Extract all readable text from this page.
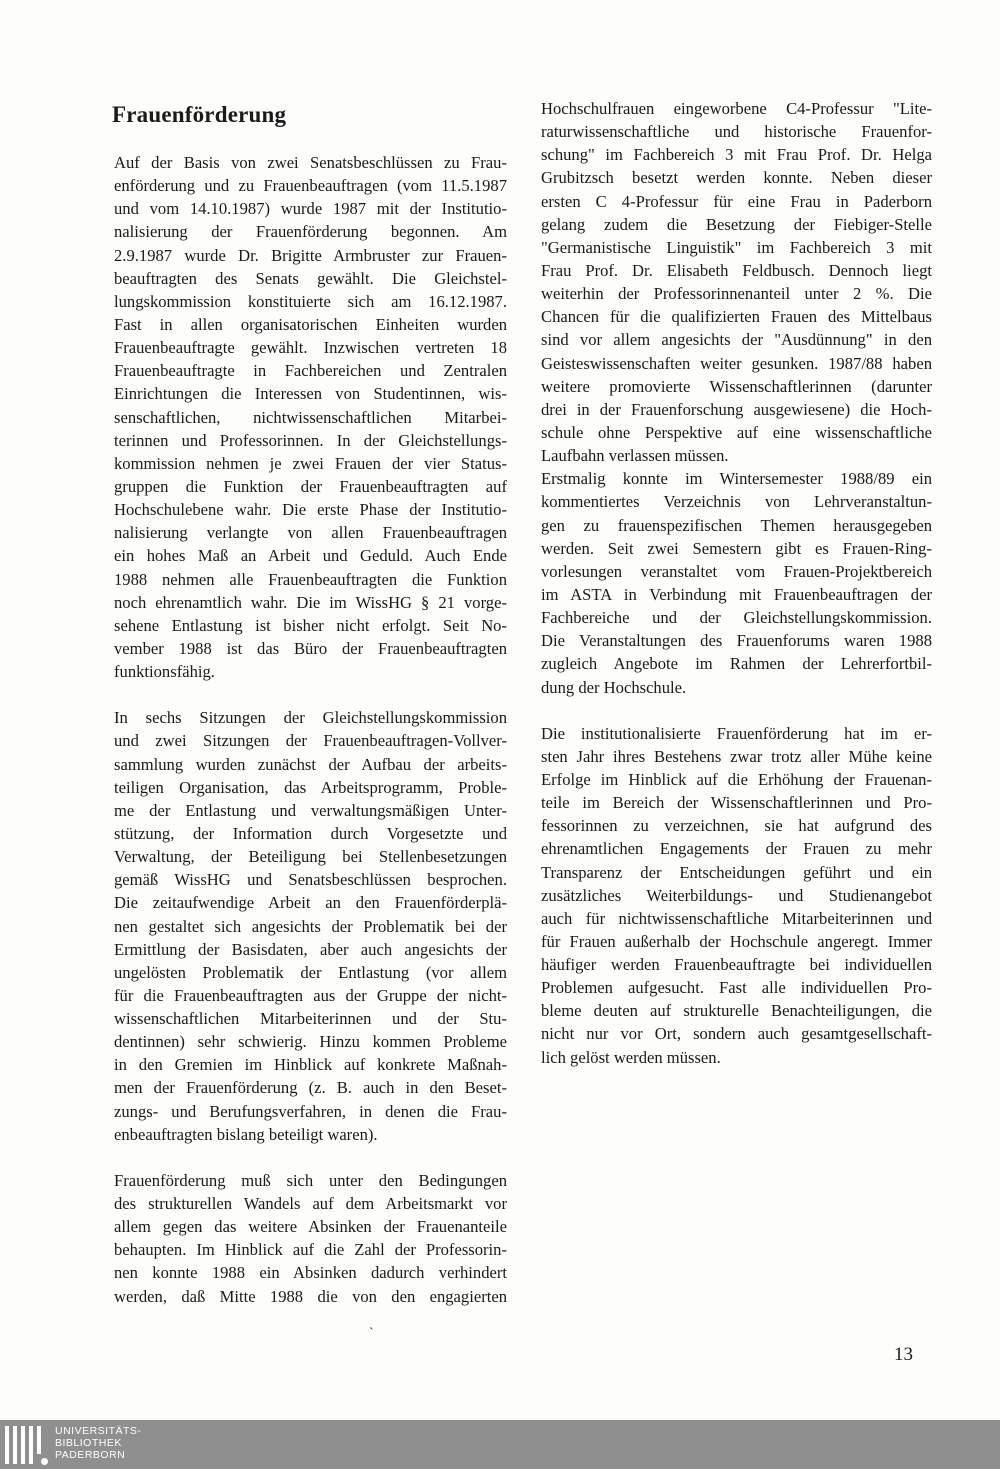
Frauenförderung
Auf der Basis von zwei Senatsbeschlüssen zu Frau-
enförderung und zu Frauenbeauftragen (vom 11.5.1987
und vom 14.10.1987) wurde 1987 mit der Institutio-
nalisierung der Frauenförderung begonnen. Am
2.9.1987 wurde Dr. Brigitte Armbruster zur Frauen-
beauftragten des Senats gewählt. Die Gleichstel-
lungskommission konstituierte sich am 16.12.1987.
Fast in allen organisatorischen Einheiten wurden
Frauenbeauftragte gewählt. Inzwischen vertreten 18
Frauenbeauftragte in Fachbereichen und Zentralen
Einrichtungen die Interessen von Studentinnen, wis-
senschaftlichen, nichtwissenschaftlichen Mitarbei-
terinnen und Professorinnen. In der Gleichstellungs-
kommission nehmen je zwei Frauen der vier Status-
gruppen die Funktion der Frauenbeauftragten auf
Hochschulebene wahr. Die erste Phase der Institutio-
nalisierung verlangte von allen Frauenbeauftragen
ein hohes Maß an Arbeit und Geduld. Auch Ende
1988 nehmen alle Frauenbeauftragten die Funktion
noch ehrenamtlich wahr. Die im WissHG § 21 vorge-
sehene Entlastung ist bisher nicht erfolgt. Seit No-
vember 1988 ist das Büro der Frauenbeauftragten
funktionsfähig.
In sechs Sitzungen der Gleichstellungskommission
und zwei Sitzungen der Frauenbeauftragen-Vollver-
sammlung wurden zunächst der Aufbau der arbeits-
teiligen Organisation, das Arbeitsprogramm, Proble-
me der Entlastung und verwaltungsmäßigen Unter-
stützung, der Information durch Vorgesetzte und
Verwaltung, der Beteiligung bei Stellenbesetzungen
gemäß WissHG und Senatsbeschlüssen besprochen.
Die zeitaufwendige Arbeit an den Frauenförderplä-
nen gestaltet sich angesichts der Problematik bei der
Ermittlung der Basisdaten, aber auch angesichts der
ungelösten Problematik der Entlastung (vor allem
für die Frauenbeauftragten aus der Gruppe der nicht-
wissenschaftlichen Mitarbeiterinnen und der Stu-
dentinnen) sehr schwierig. Hinzu kommen Probleme
in den Gremien im Hinblick auf konkrete Maßnah-
men der Frauenförderung (z. B. auch in den Beset-
zungs- und Berufungsverfahren, in denen die Frau-
enbeauftragten bislang beteiligt waren).
Frauenförderung muß sich unter den Bedingungen
des strukturellen Wandels auf dem Arbeitsmarkt vor
allem gegen das weitere Absinken der Frauenanteile
behaupten. Im Hinblick auf die Zahl der Professorin-
nen konnte 1988 ein Absinken dadurch verhindert
werden, daß Mitte 1988 die von den engagierten
Hochschulfrauen eingeworbene C4-Professur "Lite-
raturwissenschaftliche und historische Frauenfor-
schung" im Fachbereich 3 mit Frau Prof. Dr. Helga
Grubitzsch besetzt werden konnte. Neben dieser
ersten C 4-Professur für eine Frau in Paderborn
gelang zudem die Besetzung der Fiebiger-Stelle
"Germanistische Linguistik" im Fachbereich 3 mit
Frau Prof. Dr. Elisabeth Feldbusch. Dennoch liegt
weiterhin der Professorinnenanteil unter 2 %. Die
Chancen für die qualifizierten Frauen des Mittelbaus
sind vor allem angesichts der "Ausdünnung" in den
Geisteswissenschaften weiter gesunken. 1987/88 haben
weitere promovierte Wissenschaftlerinnen (darunter
drei in der Frauenforschung ausgewiesene) die Hoch-
schule ohne Perspektive auf eine wissenschaftliche
Laufbahn verlassen müssen.
Erstmalig konnte im Wintersemester 1988/89 ein
kommentiertes Verzeichnis von Lehrveranstaltun-
gen zu frauenspezifischen Themen herausgegeben
werden. Seit zwei Semestern gibt es Frauen-Ring-
vorlesungen veranstaltet vom Frauen-Projektbereich
im ASTA in Verbindung mit Frauenbeauftragen der
Fachbereiche und der Gleichstellungskommission.
Die Veranstaltungen des Frauenforums waren 1988
zugleich Angebote im Rahmen der Lehrerfortbil-
dung der Hochschule.
Die institutionalisierte Frauenförderung hat im er-
sten Jahr ihres Bestehens zwar trotz aller Mühe keine
Erfolge im Hinblick auf die Erhöhung der Frauenan-
teile im Bereich der Wissenschaftlerinnen und Pro-
fessorinnen zu verzeichnen, sie hat aufgrund des
ehrenamtlichen Engagements der Frauen zu mehr
Transparenz der Entscheidungen geführt und ein
zusätzliches Weiterbildungs- und Studienangebot
auch für nichtwissenschaftliche Mitarbeiterinnen und
für Frauen außerhalb der Hochschule angeregt. Immer
häufiger werden Frauenbeauftragte bei individuellen
Problemen aufgesucht. Fast alle individuellen Pro-
bleme deuten auf strukturelle Benachteiligungen, die
nicht nur vor Ort, sondern auch gesamtgesellschaft-
lich gelöst werden müssen.
`
13
UNIVERSITÄTS-
BIBLIOTHEK
PADERBORN
